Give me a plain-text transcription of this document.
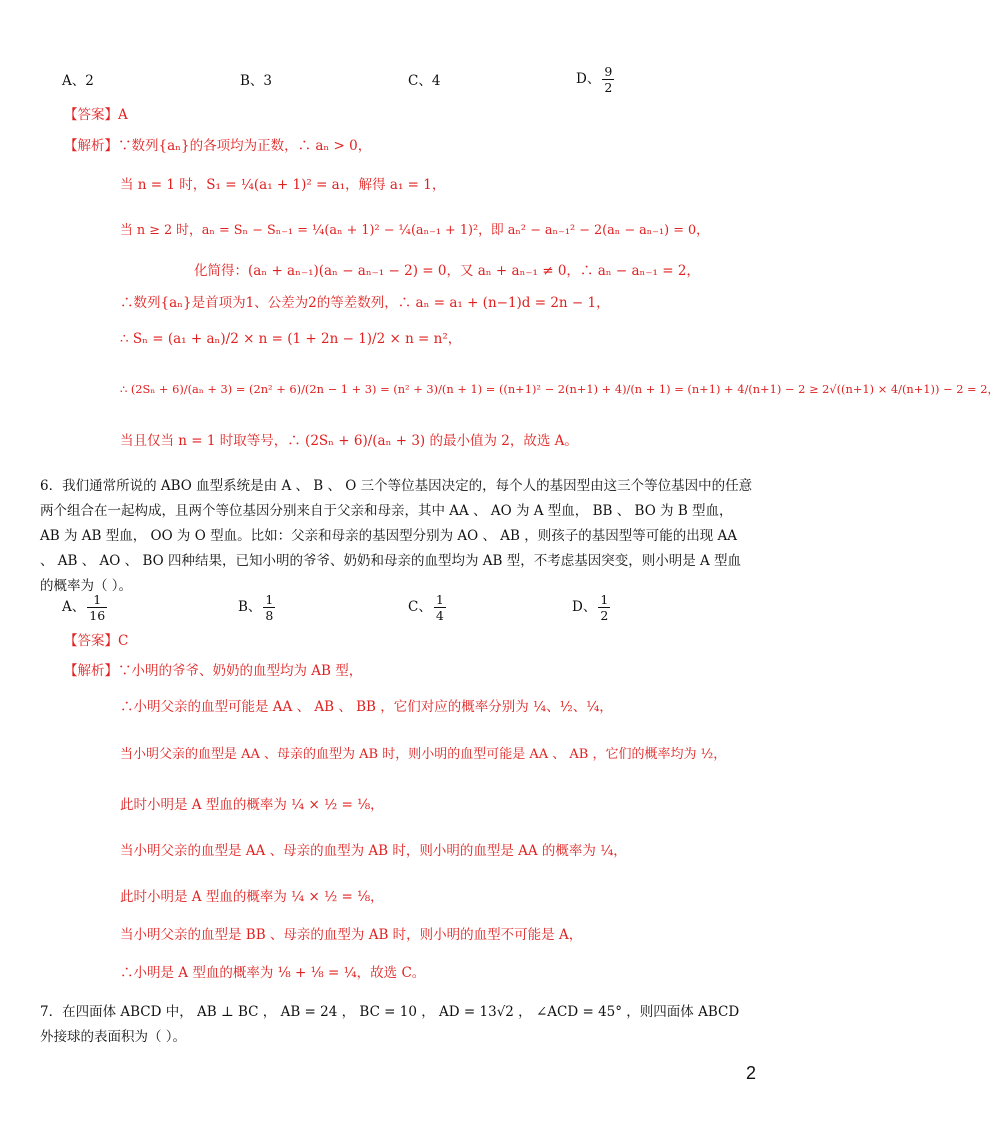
A、2	B、3	C、4	D、 $\frac{9}{2}$
【答案】A
【解析】∵数列{aₙ}的各项均为正数，∴ aₙ > 0，
当 n = 1 时，S₁ = ¼(a₁ + 1)² = a₁，解得 a₁ = 1，
当 n ≥ 2 时，aₙ = Sₙ − Sₙ₋₁ = ¼(aₙ + 1)² − ¼(aₙ₋₁ + 1)²，即 aₙ² − aₙ₋₁² − 2(aₙ − aₙ₋₁) = 0，
化简得：(aₙ + aₙ₋₁)(aₙ − aₙ₋₁ − 2) = 0，又 aₙ + aₙ₋₁ ≠ 0，∴ aₙ − aₙ₋₁ = 2，
∴数列{aₙ}是首项为1、公差为2的等差数列，∴ aₙ = a₁ + (n−1)d = 2n − 1，
∴ Sₙ = (a₁ + aₙ)/2 × n = (1 + 2n − 1)/2 × n = n²，
∴ (2Sₙ + 6)/(aₙ + 3) = (2n² + 6)/(2n − 1 + 3) = (n² + 3)/(n + 1) = ((n+1)² − 2(n+1) + 4)/(n + 1) = (n+1) + 4/(n+1) − 2 ≥ 2√((n+1) × 4/(n+1)) − 2 = 2，
当且仅当 n = 1 时取等号，∴ (2Sₙ + 6)/(aₙ + 3) 的最小值为 2，故选 A。
6．我们通常所说的 ABO 血型系统是由 A 、 B 、 O 三个等位基因决定的，每个人的基因型由这三个等位基因中的任意两个组合在一起构成，且两个等位基因分别来自于父亲和母亲，其中 AA 、 AO 为 A 型血， BB 、 BO 为 B 型血， AB 为 AB 型血， OO 为 O 型血。比如：父亲和母亲的基因型分别为 AO 、 AB ，则孩子的基因型等可能的出现 AA 、 AB 、 AO 、 BO 四种结果，已知小明的爷爷、奶奶和母亲的血型均为 AB 型，不考虑基因突变，则小明是 A 型血的概率为（ ）。
A、 $\frac{1}{16}$	B、 $\frac{1}{8}$	C、 $\frac{1}{4}$	D、 $\frac{1}{2}$
【答案】C
【解析】∵小明的爷爷、奶奶的血型均为 AB 型，
∴小明父亲的血型可能是 AA 、 AB 、 BB ，它们对应的概率分别为 ¼、½、¼，
当小明父亲的血型是 AA 、母亲的血型为 AB 时，则小明的血型可能是 AA 、 AB ，它们的概率均为 ½，
此时小明是 A 型血的概率为 ¼ × ½ = ⅛，
当小明父亲的血型是 AA 、母亲的血型为 AB 时，则小明的血型是 AA 的概率为 ¼，
此时小明是 A 型血的概率为 ¼ × ½ = ⅛，
当小明父亲的血型是 BB 、母亲的血型为 AB 时，则小明的血型不可能是 A，
∴小明是 A 型血的概率为 ⅛ + ⅛ = ¼，故选 C。
7．在四面体 ABCD 中， AB ⊥ BC ， AB = 24 ， BC = 10 ， AD = 13√2 ， ∠ACD = 45° ，则四面体 ABCD 外接球的表面积为（ ）。
2
